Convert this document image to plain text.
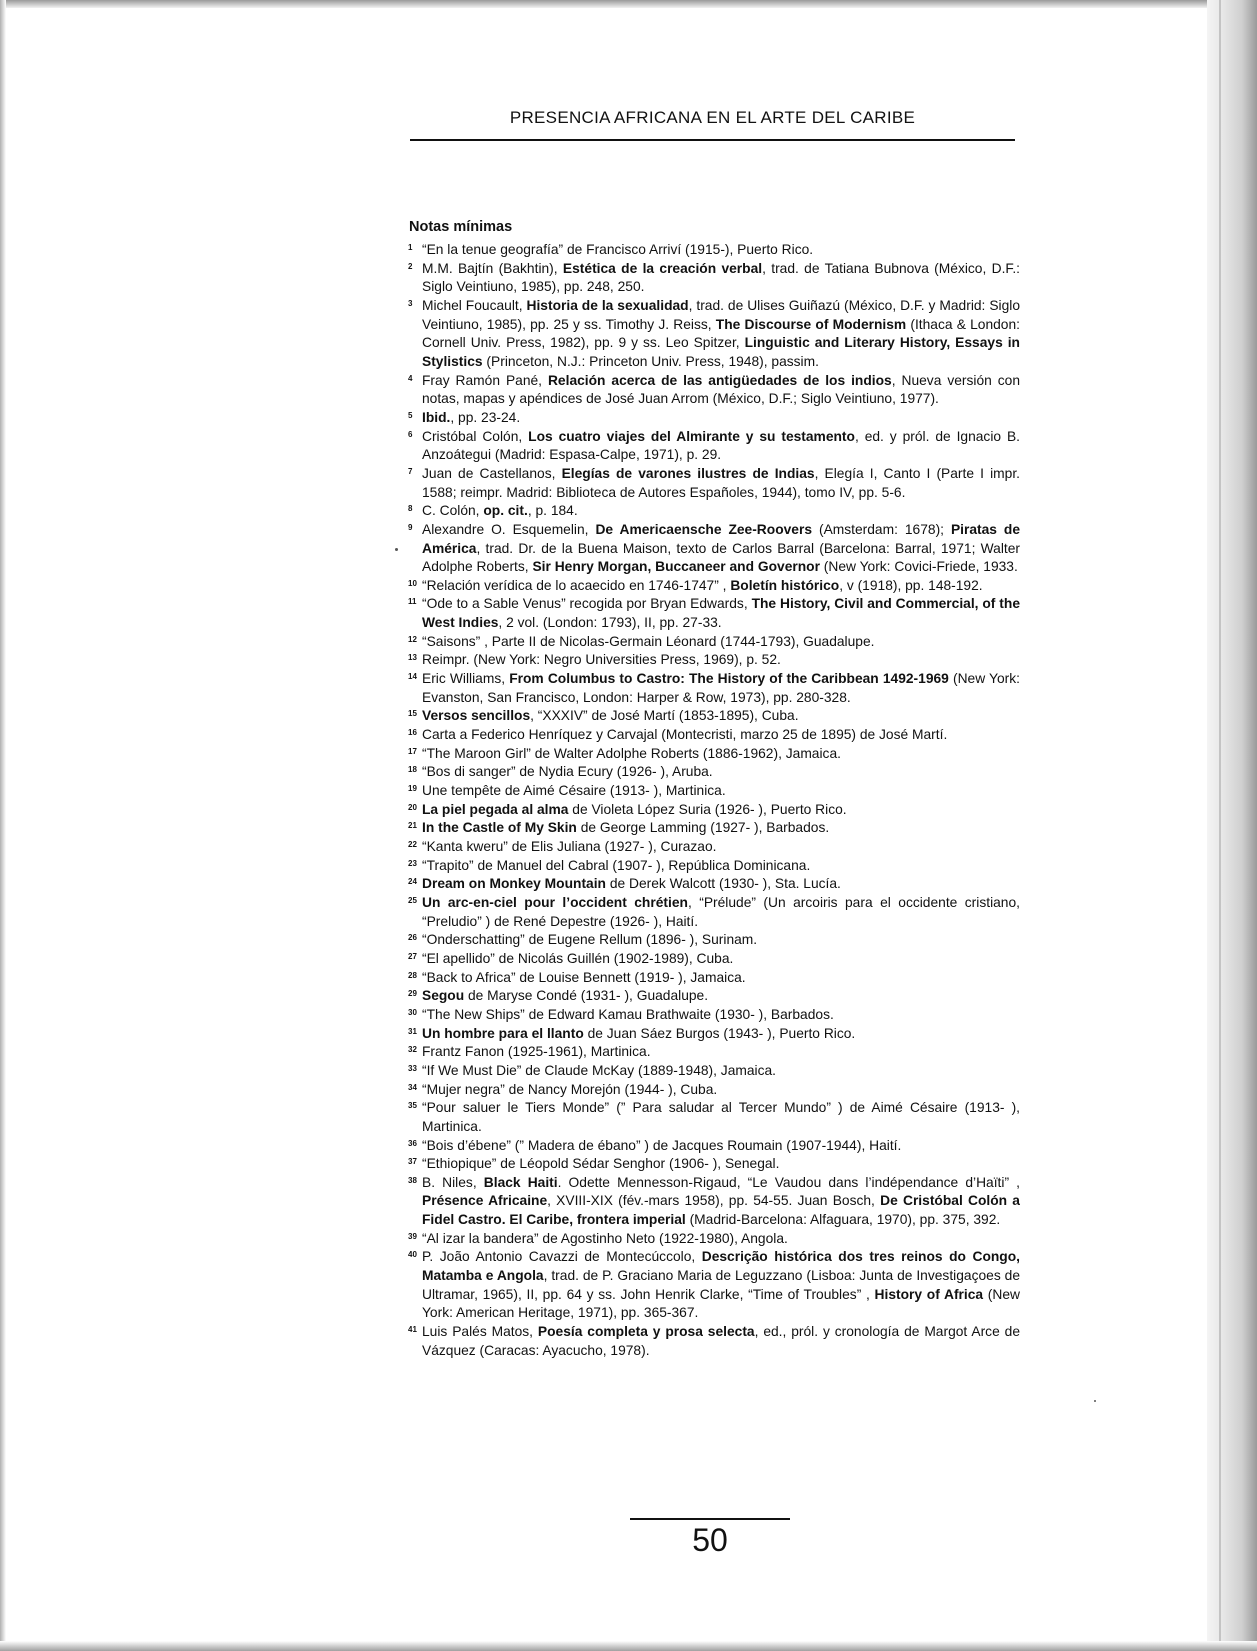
PRESENCIA AFRICANA EN EL ARTE DEL CARIBE
Notas mínimas
1 “En la tenue geografía” de Francisco Arriví (1915-), Puerto Rico.
2 M.M. Bajtín (Bakhtin), Estética de la creación verbal, trad. de Tatiana Bubnova (México, D.F.: Siglo Veintiuno, 1985), pp. 248, 250.
3 Michel Foucault, Historia de la sexualidad, trad. de Ulises Guiñazú (México, D.F. y Madrid: Siglo Veintiuno, 1985), pp. 25 y ss. Timothy J. Reiss, The Discourse of Modernism (Ithaca & London: Cornell Univ. Press, 1982), pp. 9 y ss. Leo Spitzer, Linguistic and Literary History, Essays in Stylistics (Princeton, N.J.: Princeton Univ. Press, 1948), passim.
4 Fray Ramón Pané, Relación acerca de las antigüedades de los indios, Nueva versión con notas, mapas y apéndices de José Juan Arrom (México, D.F.; Siglo Veintiuno, 1977).
5 Ibid., pp. 23-24.
6 Cristóbal Colón, Los cuatro viajes del Almirante y su testamento, ed. y pról. de Ignacio B. Anzoátegui (Madrid: Espasa-Calpe, 1971), p. 29.
7 Juan de Castellanos, Elegías de varones ilustres de Indias, Elegía I, Canto I (Parte I impr. 1588; reimpr. Madrid: Biblioteca de Autores Españoles, 1944), tomo IV, pp. 5-6.
8 C. Colón, op. cit., p. 184.
9 Alexandre O. Esquemelin, De Americaensche Zee-Roovers (Amsterdam: 1678); Piratas de América, trad. Dr. de la Buena Maison, texto de Carlos Barral (Barcelona: Barral, 1971; Walter Adolphe Roberts, Sir Henry Morgan, Buccaneer and Governor (New York: Covici-Friede, 1933.
10 “Relación verídica de lo acaecido en 1746-1747” , Boletín histórico, v (1918), pp. 148-192.
11 “Ode to a Sable Venus” recogida por Bryan Edwards, The History, Civil and Commercial, of the West Indies, 2 vol. (London: 1793), II, pp. 27-33.
12 “Saisons” , Parte II de Nicolas-Germain Léonard (1744-1793), Guadalupe.
13 Reimpr. (New York: Negro Universities Press, 1969), p. 52.
14 Eric Williams, From Columbus to Castro: The History of the Caribbean 1492-1969 (New York: Evanston, San Francisco, London: Harper & Row, 1973), pp. 280-328.
15 Versos sencillos, “XXXIV” de José Martí (1853-1895), Cuba.
16 Carta a Federico Henríquez y Carvajal (Montecristi, marzo 25 de 1895) de José Martí.
17 “The Maroon Girl” de Walter Adolphe Roberts (1886-1962), Jamaica.
18 “Bos di sanger” de Nydia Ecury (1926- ), Aruba.
19 Une tempête de Aimé Césaire (1913- ), Martinica.
20 La piel pegada al alma de Violeta López Suria (1926- ), Puerto Rico.
21 In the Castle of My Skin de George Lamming (1927- ), Barbados.
22 “Kanta kweru” de Elis Juliana (1927- ), Curazao.
23 “Trapito” de Manuel del Cabral (1907- ), República Dominicana.
24 Dream on Monkey Mountain de Derek Walcott (1930- ), Sta. Lucía.
25 Un arc-en-ciel pour l’occident chrétien, “Prélude” (Un arcoiris para el occidente cristiano, “Preludio” ) de René Depestre (1926- ), Haití.
26 “Onderschatting” de Eugene Rellum (1896- ), Surinam.
27 “El apellido” de Nicolás Guillén (1902-1989), Cuba.
28 “Back to Africa” de Louise Bennett (1919- ), Jamaica.
29 Segou de Maryse Condé (1931- ), Guadalupe.
30 “The New Ships” de Edward Kamau Brathwaite (1930- ), Barbados.
31 Un hombre para el llanto de Juan Sáez Burgos (1943- ), Puerto Rico.
32 Frantz Fanon (1925-1961), Martinica.
33 “If We Must Die” de Claude McKay (1889-1948), Jamaica.
34 “Mujer negra” de Nancy Morejón (1944- ), Cuba.
35 “Pour saluer le Tiers Monde” (” Para saludar al Tercer Mundo” ) de Aimé Césaire (1913- ), Martinica.
36 “Bois d’ébene” (” Madera de ébano” ) de Jacques Roumain (1907-1944), Haití.
37 “Ethiopique” de Léopold Sédar Senghor (1906- ), Senegal.
38 B. Niles, Black Haiti. Odette Mennesson-Rigaud, “Le Vaudou dans l’indépendance d’Haïti” , Présence Africaine, XVIII-XIX (fév.-mars 1958), pp. 54-55. Juan Bosch, De Cristóbal Colón a Fidel Castro. El Caribe, frontera imperial (Madrid-Barcelona: Alfaguara, 1970), pp. 375, 392.
39 “Al izar la bandera” de Agostinho Neto (1922-1980), Angola.
40 P. João Antonio Cavazzi de Montecúccolo, Descrição histórica dos tres reinos do Congo, Matamba e Angola, trad. de P. Graciano Maria de Leguzzano (Lisboa: Junta de Investigaçoes de Ultramar, 1965), II, pp. 64 y ss. John Henrik Clarke, “Time of Troubles” , History of Africa (New York: American Heritage, 1971), pp. 365-367.
41 Luis Palés Matos, Poesía completa y prosa selecta, ed., pról. y cronología de Margot Arce de Vázquez (Caracas: Ayacucho, 1978).
50
